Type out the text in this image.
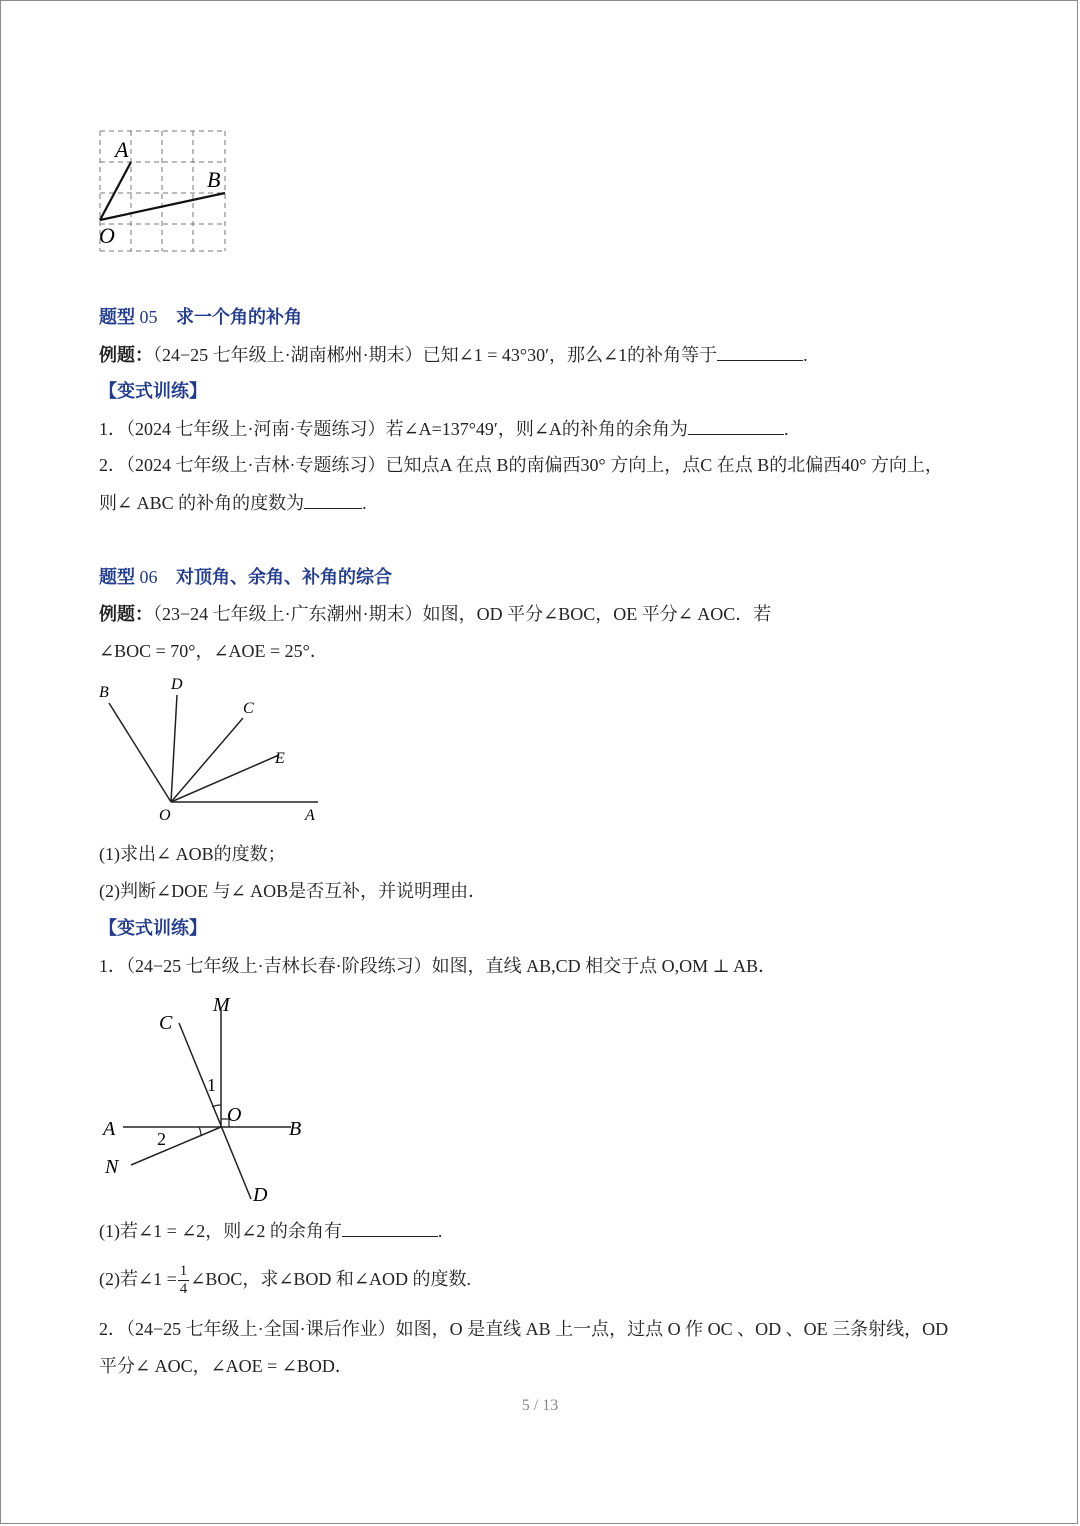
A
B
O
题型 05 求一个角的补角
例题：（24−25 七年级上·湖南郴州·期末）已知∠1 = 43°30′，那么∠1的补角等于	.
【变式训练】
1．（2024 七年级上·河南·专题练习）若∠A=137°49′，则∠A的补角的余角为	.
2．（2024 七年级上·吉林·专题练习）已知点A 在点 B的南偏西30° 方向上，点C 在点 B的北偏西40° 方向上，
则∠ ABC 的补角的度数为	.
题型 06 对顶角、余角、补角的综合
例题：（23−24 七年级上·广东潮州·期末）如图，OD 平分∠BOC，OE 平分∠ AOC．若
∠BOC = 70°，∠AOE = 25°．
B	D
C
E
O	A
(1)求出∠ AOB的度数；
(2)判断∠DOE 与∠ AOB是否互补，并说明理由．
【变式训练】
1．（24−25 七年级上·吉林长春·阶段练习）如图，直线 AB,CD 相交于点 O,OM ⊥ AB．
M
C
1
O
A	B
2
N
D
(1)若∠1 = ∠2，则∠2 的余角有	.
(2)若∠1 = $\frac{1}{4}$ ∠BOC，求∠BOD 和∠AOD 的度数.
2．（24−25 七年级上·全国·课后作业）如图，O 是直线 AB 上一点，过点 O 作 OC 、OD 、OE 三条射线，OD
平分∠ AOC，∠AOE = ∠BOD．
5 / 13
